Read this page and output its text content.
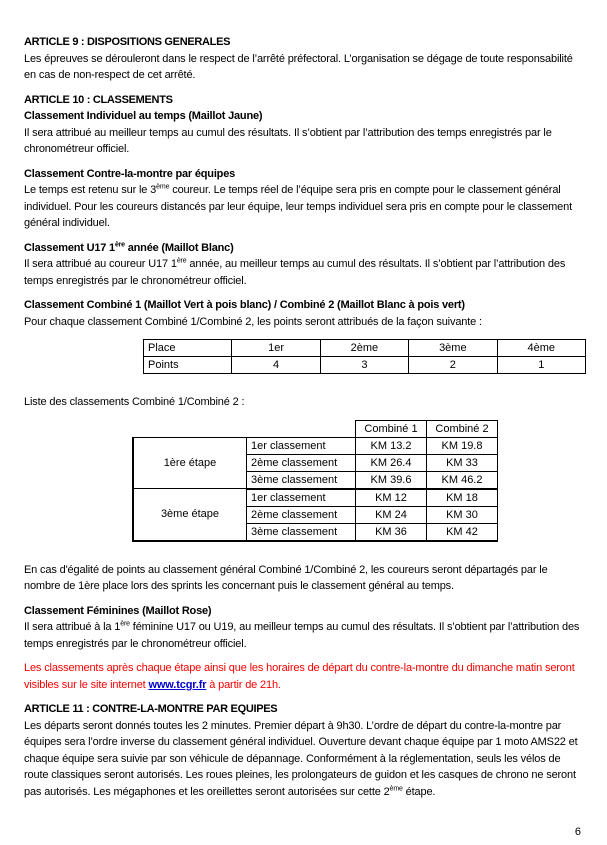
ARTICLE 9 : DISPOSITIONS GENERALES

Les épreuves se dérouleront dans le respect de l’arrêté préfectoral. L’organisation se dégage de toute responsabilité en cas de non-respect de cet arrêté.

ARTICLE 10 : CLASSEMENTS
Classement Individuel au temps (Maillot Jaune)

Il sera attribué au meilleur temps au cumul des résultats. Il s’obtient par l’attribution des temps enregistrés par le chronométreur officiel.

Classement Contre-la-montre par équipes

Le temps est retenu sur le 3ème coureur. Le temps réel de l’équipe sera pris en compte pour le classement général individuel. Pour les coureurs distancés par leur équipe, leur temps individuel sera pris en compte pour le classement général individuel.

Classement U17 1ère année (Maillot Blanc)

Il sera attribué au coureur U17 1ère année, au meilleur temps au cumul des résultats. Il s’obtient par l’attribution des temps enregistrés par le chronométreur officiel.

Classement Combiné 1 (Maillot Vert à pois blanc) / Combiné 2 (Maillot Blanc à pois vert)

Pour chaque classement Combiné 1/Combiné 2, les points seront attribués de la façon suivante :

Place	1er	2ème	3ème	4ème
Points	4	3	2	1

Liste des classements Combiné 1/Combiné 2 :

		Combiné 1	Combiné 2
1ère étape	1er classement	KM 13.2	KM 19.8
	2ème classement	KM 26.4	KM 33
	3ème classement	KM 39.6	KM 46.2
3ème étape	1er classement	KM 12	KM 18
	2ème classement	KM 24	KM 30
	3ème classement	KM 36	KM 42

En cas d'égalité de points au classement général Combiné 1/Combiné 2, les coureurs seront départagés par le nombre de 1ère place lors des sprints les concernant puis le classement général au temps.

Classement Féminines (Maillot Rose)

Il sera attribué à la 1ère féminine U17 ou U19, au meilleur temps au cumul des résultats. Il s’obtient par l’attribution des temps enregistrés par le chronométreur officiel.

Les classements après chaque étape ainsi que les horaires de départ du contre-la-montre du dimanche matin seront visibles sur le site internet www.tcgr.fr à partir de 21h.

ARTICLE 11 : CONTRE-LA-MONTRE PAR EQUIPES

Les départs seront donnés toutes les 2 minutes. Premier départ à 9h30. L’ordre de départ du contre-la-montre par équipes sera l’ordre inverse du classement général individuel. Ouverture devant chaque équipe par 1 moto AMS22 et chaque équipe sera suivie par son véhicule de dépannage. Conformément à la réglementation, seuls les vélos de route classiques seront autorisés. Les roues pleines, les prolongateurs de guidon et les casques de chrono ne seront pas autorisés. Les mégaphones et les oreillettes seront autorisées sur cette 2ème étape.

6
